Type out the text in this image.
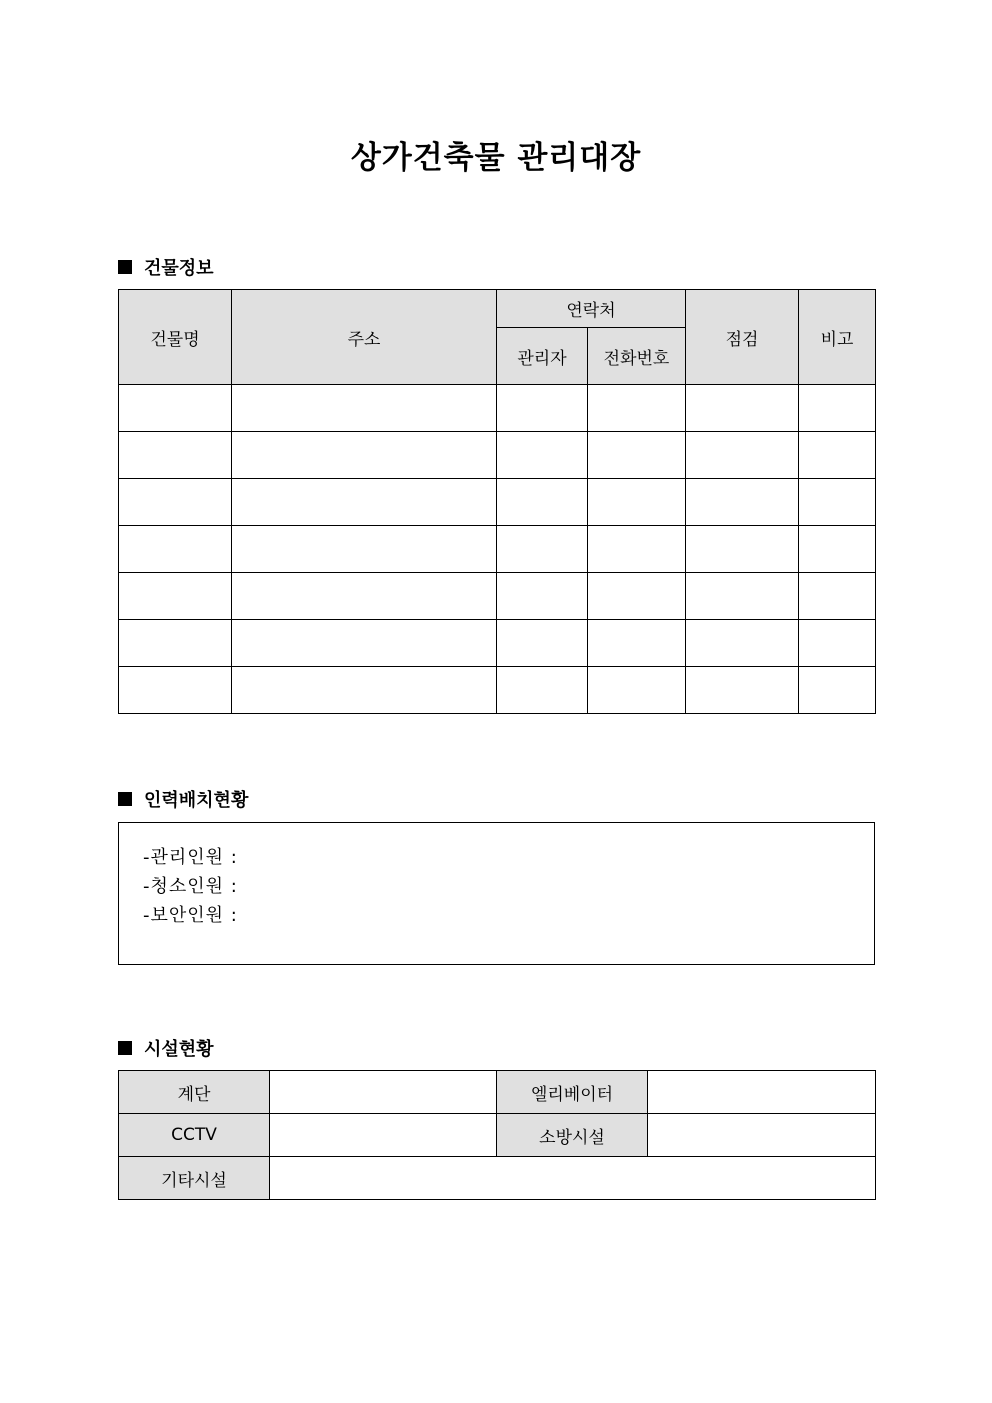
상가건축물 관리대장
건물정보
건물명	주소	연락처		점검	비고
		관리자	전화번호		

인력배치현황
-관리인원 :
-청소인원 :
-보안인원 :
시설현황
계단		엘리베이터	
CCTV		소방시설	
기타시설			
